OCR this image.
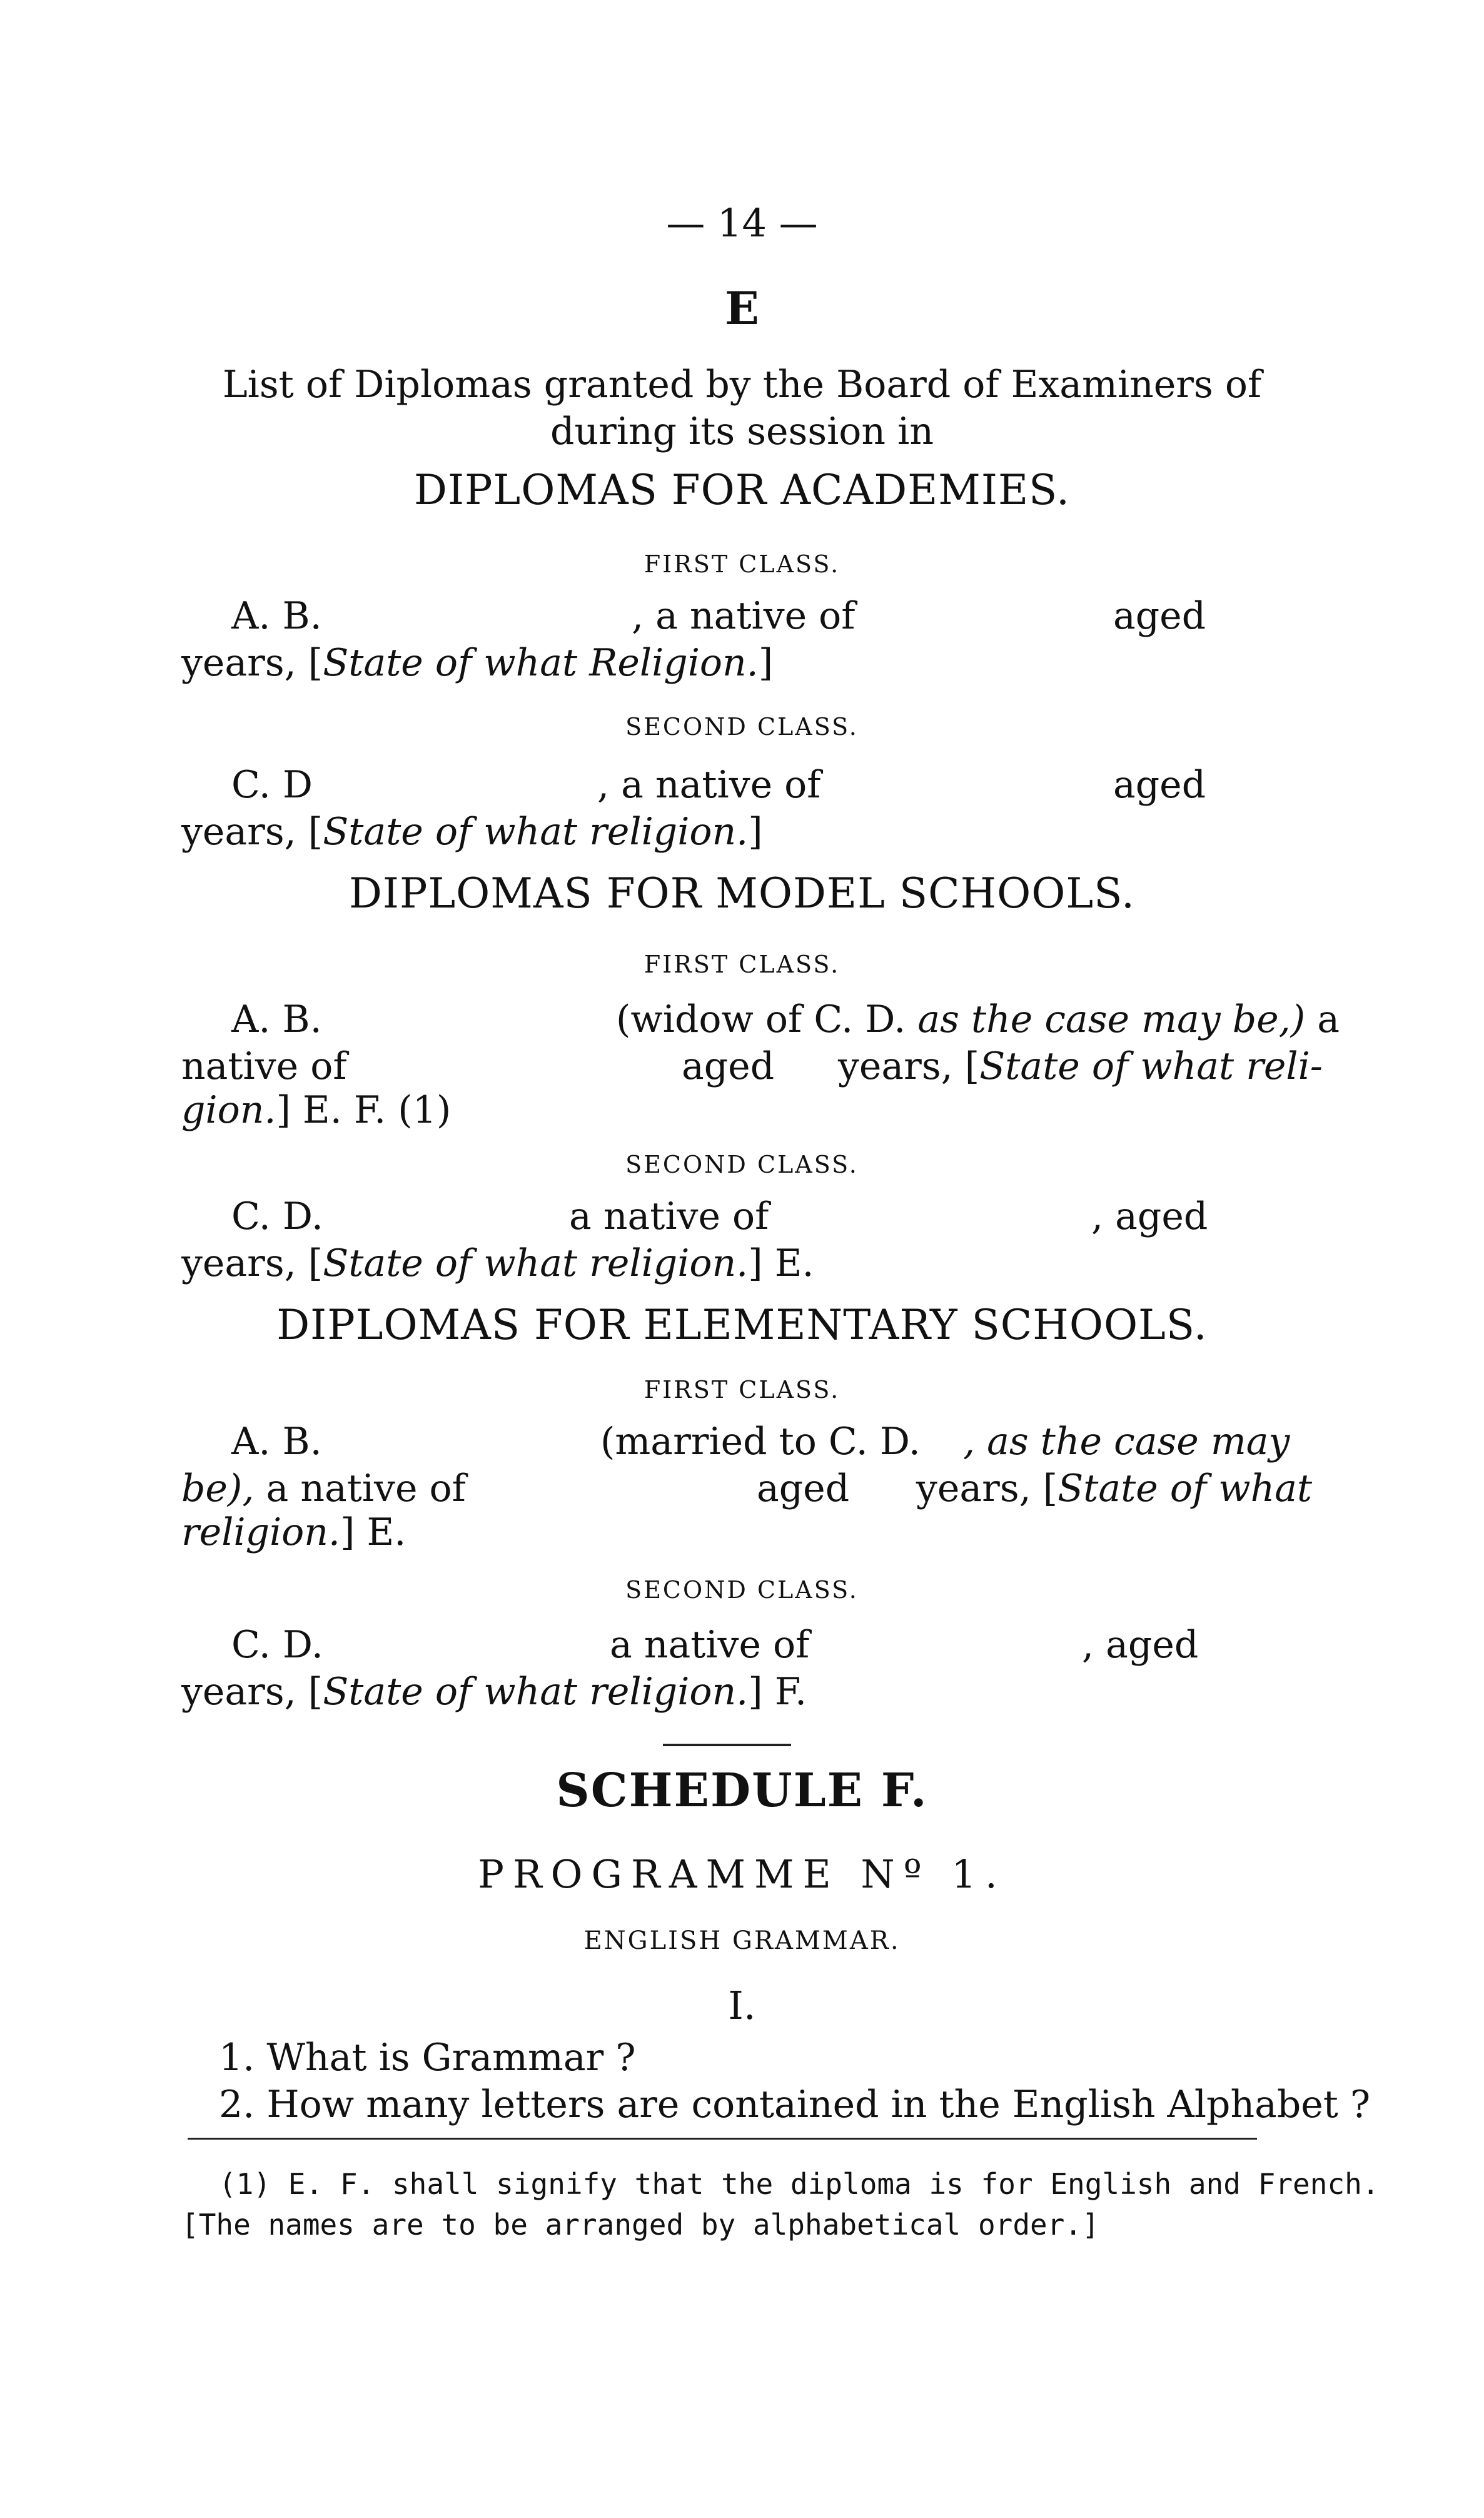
— 14 —
E
List of Diplomas granted by the Board of Examiners of
during its session in
DIPLOMAS FOR ACADEMIES.
FIRST CLASS.
A. B.	, a native of	aged
years, [State of what Religion.]
SECOND CLASS.
C. D	, a native of	aged
years, [State of what religion.]
DIPLOMAS FOR MODEL SCHOOLS.
FIRST CLASS.
A. B.	(widow of C. D. as the case may be,) a
native of	aged years, [State of what reli-
gion.] E. F. (1)
SECOND CLASS.
C. D.	a native of	, aged
years, [State of what religion.] E.
DIPLOMAS FOR ELEMENTARY SCHOOLS.
FIRST CLASS.
A. B.	(married to C. D. , as the case may
be), a native of	aged years, [State of what
religion.] E.
SECOND CLASS.
C. D.	a native of	, aged
years, [State of what religion.] F.
SCHEDULE F.
PROGRAMME Nº 1.
ENGLISH GRAMMAR.
I.
1. What is Grammar ?
2. How many letters are contained in the English Alphabet ?
(1) E. F. shall signify that the diploma is for English and French.
[The names are to be arranged by alphabetical order.]
